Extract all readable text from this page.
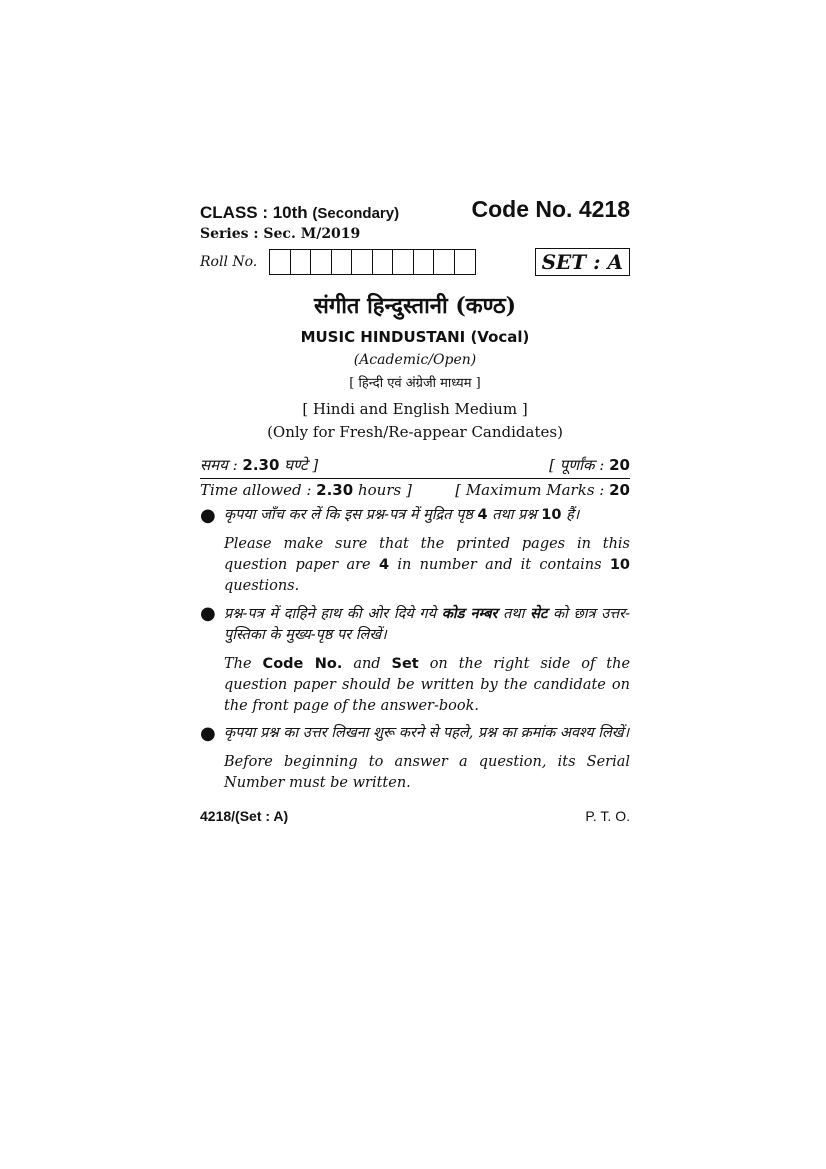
CLASS : 10th (Secondary)	Code No. 4218
Series : Sec. M/2019
Roll No.	SET : A
संगीत हिन्दुस्तानी (कण्ठ)
MUSIC HINDUSTANI (Vocal)
(Academic/Open)
[ हिन्दी एवं अंग्रेजी माध्यम ]
[ Hindi and English Medium ]
(Only for Fresh/Re-appear Candidates)
समय : 2.30 घण्टे ]	[ पूर्णांक : 20
Time allowed : 2.30 hours ]	[ Maximum Marks : 20
● कृपया जाँच कर लें कि इस प्रश्न-पत्र में मुद्रित पृष्ठ 4 तथा प्रश्न 10 हैं।
Please make sure that the printed pages in this question paper are 4 in number and it contains 10 questions.
● प्रश्न-पत्र में दाहिने हाथ की ओर दिये गये कोड नम्बर तथा सेट को छात्र उत्तर-पुस्तिका के मुख्य-पृष्ठ पर लिखें।
The Code No. and Set on the right side of the question paper should be written by the candidate on the front page of the answer-book.
● कृपया प्रश्न का उत्तर लिखना शुरू करने से पहले, प्रश्न का क्रमांक अवश्य लिखें।
Before beginning to answer a question, its Serial Number must be written.
4218/(Set : A)	P. T. O.
